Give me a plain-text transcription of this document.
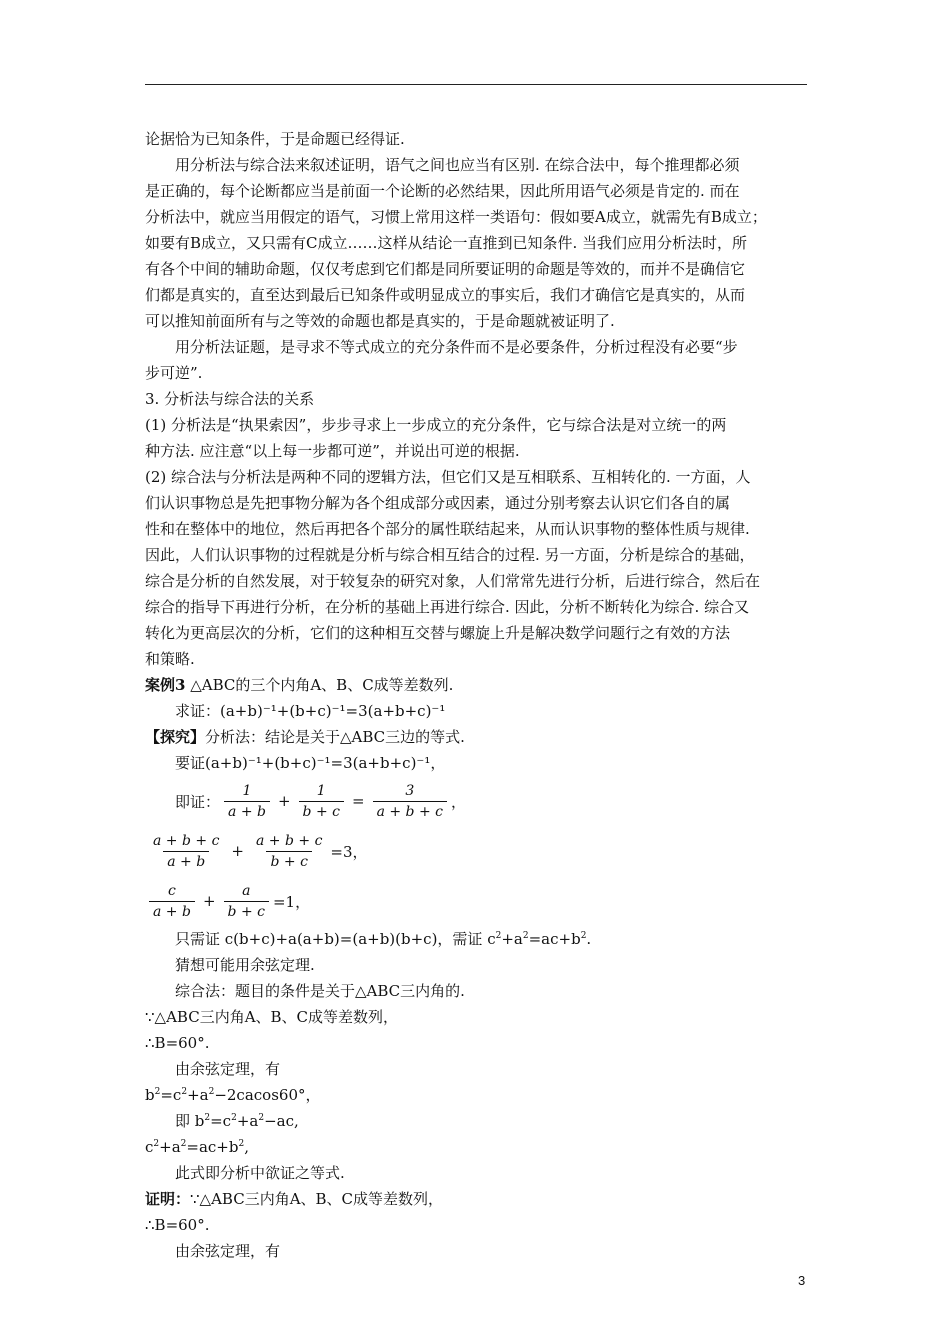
论据恰为已知条件，于是命题已经得证.
用分析法与综合法来叙述证明，语气之间也应当有区别. 在综合法中，每个推理都必须
是正确的，每个论断都应当是前面一个论断的必然结果，因此所用语气必须是肯定的. 而在
分析法中，就应当用假定的语气，习惯上常用这样一类语句：假如要A成立，就需先有B成立；
如要有B成立，又只需有C成立……这样从结论一直推到已知条件. 当我们应用分析法时，所
有各个中间的辅助命题，仅仅考虑到它们都是同所要证明的命题是等效的，而并不是确信它
们都是真实的，直至达到最后已知条件或明显成立的事实后，我们才确信它是真实的，从而
可以推知前面所有与之等效的命题也都是真实的，于是命题就被证明了.
用分析法证题，是寻求不等式成立的充分条件而不是必要条件，分析过程没有必要“步
步可逆”.
3. 分析法与综合法的关系
(1) 分析法是“执果索因”，步步寻求上一步成立的充分条件，它与综合法是对立统一的两
种方法. 应注意“以上每一步都可逆”，并说出可逆的根据.
(2) 综合法与分析法是两种不同的逻辑方法，但它们又是互相联系、互相转化的. 一方面，人
们认识事物总是先把事物分解为各个组成部分或因素，通过分别考察去认识它们各自的属
性和在整体中的地位，然后再把各个部分的属性联结起来，从而认识事物的整体性质与规律.
因此，人们认识事物的过程就是分析与综合相互结合的过程. 另一方面，分析是综合的基础，
综合是分析的自然发展，对于较复杂的研究对象，人们常常先进行分析，后进行综合，然后在
综合的指导下再进行分析，在分析的基础上再进行综合. 因此，分析不断转化为综合. 综合又
转化为更高层次的分析，它们的这种相互交替与螺旋上升是解决数学问题行之有效的方法
和策略.
案例3 △ABC的三个内角A、B、C成等差数列.
求证：(a+b)⁻¹+(b+c)⁻¹=3(a+b+c)⁻¹
【探究】分析法：结论是关于△ABC三边的等式.
要证(a+b)⁻¹+(b+c)⁻¹=3(a+b+c)⁻¹，
即证： $\frac{1}{a + b} + \frac{1}{b + c} = \frac{3}{a + b + c}$ ，
$\frac{a + b + c}{a + b} + \frac{a + b + c}{b + c} =3$，
$\frac{c}{a + b} + \frac{a}{b + c} =1$，
只需证 c(b+c)+a(a+b)=(a+b)(b+c)，需证 $c^2+a^2=ac+b^2$.
猜想可能用余弦定理.
综合法：题目的条件是关于△ABC三内角的.
∵△ABC三内角A、B、C成等差数列，
∴B=60°.
由余弦定理，有
$b^2=c^2+a^2-2cacos60^\circ$，
即 $b^2=c^2+a^2-ac$,
$c^2+a^2=ac+b^2$,
此式即分析中欲证之等式.
证明：∵△ABC三内角A、B、C成等差数列，
∴B=60°.
由余弦定理，有
3
